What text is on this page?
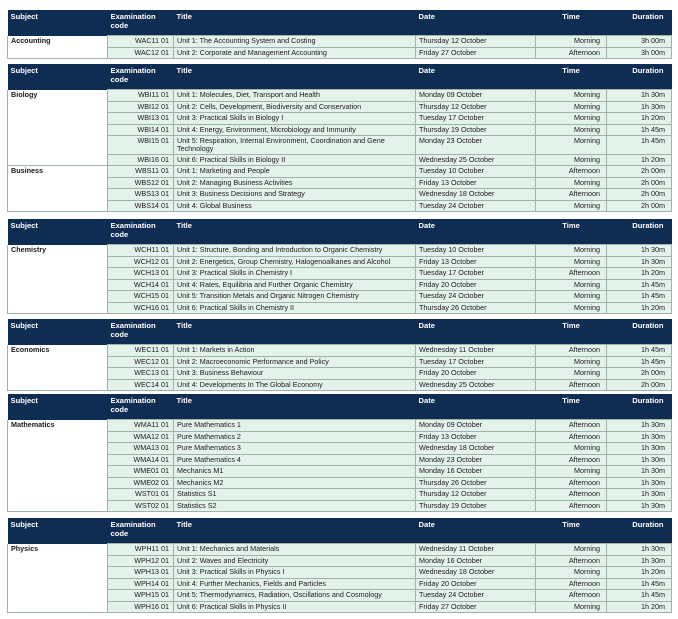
Subject	Examination code	Title	Date	Time	Duration
Accounting	WAC11 01	Unit 1: The Accounting System and Costing	Thursday 12 October	Morning	3h 00m
	WAC12 01	Unit 2: Corporate and Management Accounting	Friday 27 October	Afternoon	3h 00m
Subject	Examination code	Title	Date	Time	Duration
Biology	WBI11 01	Unit 1: Molecules, Diet, Transport and Health	Monday 09 October	Morning	1h 30m
	WBI12 01	Unit 2: Cells, Development, Biodiversity and Conservation	Thursday 12 October	Morning	1h 30m
	WBI13 01	Unit 3: Practical Skills in Biology I	Tuesday 17 October	Morning	1h 20m
	WBI14 01	Unit 4: Energy, Environment, Microbiology and Immunity	Thursday 19 October	Morning	1h 45m
	WBI15 01	Unit 5: Respiration, Internal Environment, Coordination and Gene Technology	Monday 23 October	Morning	1h 45m
	WBI16 01	Unit 6: Practical Skills in Biology II	Wednesday 25 October	Morning	1h 20m
Business	WBS11 01	Unit 1: Marketing and People	Tuesday 10 October	Afternoon	2h 00m
	WBS12 01	Unit 2: Managing Business Activities	Friday 13 October	Morning	2h 00m
	WBS13 01	Unit 3: Business Decisions and Strategy	Wednesday 18 October	Afternoon	2h 00m
	WBS14 01	Unit 4: Global Business	Tuesday 24 October	Morning	2h 00m
Subject	Examination code	Title	Date	Time	Duration
Chemistry	WCH11 01	Unit 1: Structure, Bonding and Introduction to Organic Chemistry	Tuesday 10 October	Morning	1h 30m
	WCH12 01	Unit 2: Energetics, Group Chemistry, Halogenoalkanes and Alcohol	Friday 13 October	Morning	1h 30m
	WCH13 01	Unit 3: Practical Skills in Chemistry I	Tuesday 17 October	Afternoon	1h 20m
	WCH14 01	Unit 4: Rates, Equilibria and Further Organic Chemistry	Friday 20 October	Morning	1h 45m
	WCH15 01	Unit 5: Transition Metals and Organic Nitrogen Chemistry	Tuesday 24 October	Morning	1h 45m
	WCH16 01	Unit 6: Practical Skills in Chemistry II	Thursday 26 October	Morning	1h 20m
Subject	Examination code	Title	Date	Time	Duration
Economics	WEC11 01	Unit 1: Markets in Action	Wednesday 11 October	Afternoon	1h 45m
	WEC12 01	Unit 2: Macroeconomic Performance and Policy	Tuesday 17 October	Morning	1h 45m
	WEC13 01	Unit 3: Business Behaviour	Friday 20 October	Morning	2h 00m
	WEC14 01	Unit 4: Developments In The Global Economy	Wednesday 25 October	Afternoon	2h 00m
Subject	Examination code	Title	Date	Time	Duration
Mathematics	WMA11 01	Pure Mathematics 1	Monday 09 October	Afternoon	1h 30m
	WMA12 01	Pure Mathematics 2	Friday 13 October	Afternoon	1h 30m
	WMA13 01	Pure Mathematics 3	Wednesday 18 October	Morning	1h 30m
	WMA14 01	Pure Mathematics 4	Monday 23 October	Afternoon	1h 30m
	WME01 01	Mechanics M1	Monday 16 October	Morning	1h 30m
	WME02 01	Mechanics M2	Thursday 26 October	Afternoon	1h 30m
	WST01 01	Statistics S1	Thursday 12 October	Afternoon	1h 30m
	WST02 01	Statistics S2	Thursday 19 October	Afternoon	1h 30m
Subject	Examination code	Title	Date	Time	Duration
Physics	WPH11 01	Unit 1: Mechanics and Materials	Wednesday 11 October	Morning	1h 30m
	WPH12 01	Unit 2: Waves and Electricity	Monday 16 October	Afternoon	1h 30m
	WPH13 01	Unit 3: Practical Skills in Physics I	Wednesday 18 October	Morning	1h 20m
	WPH14 01	Unit 4: Further Mechanics, Fields and Particles	Friday 20 October	Afternoon	1h 45m
	WPH15 01	Unit 5: Thermodynamics, Radiation, Oscillations and Cosmology	Tuesday 24 October	Afternoon	1h 45m
	WPH16 01	Unit 6: Practical Skills in Physics II	Friday 27 October	Morning	1h 20m
